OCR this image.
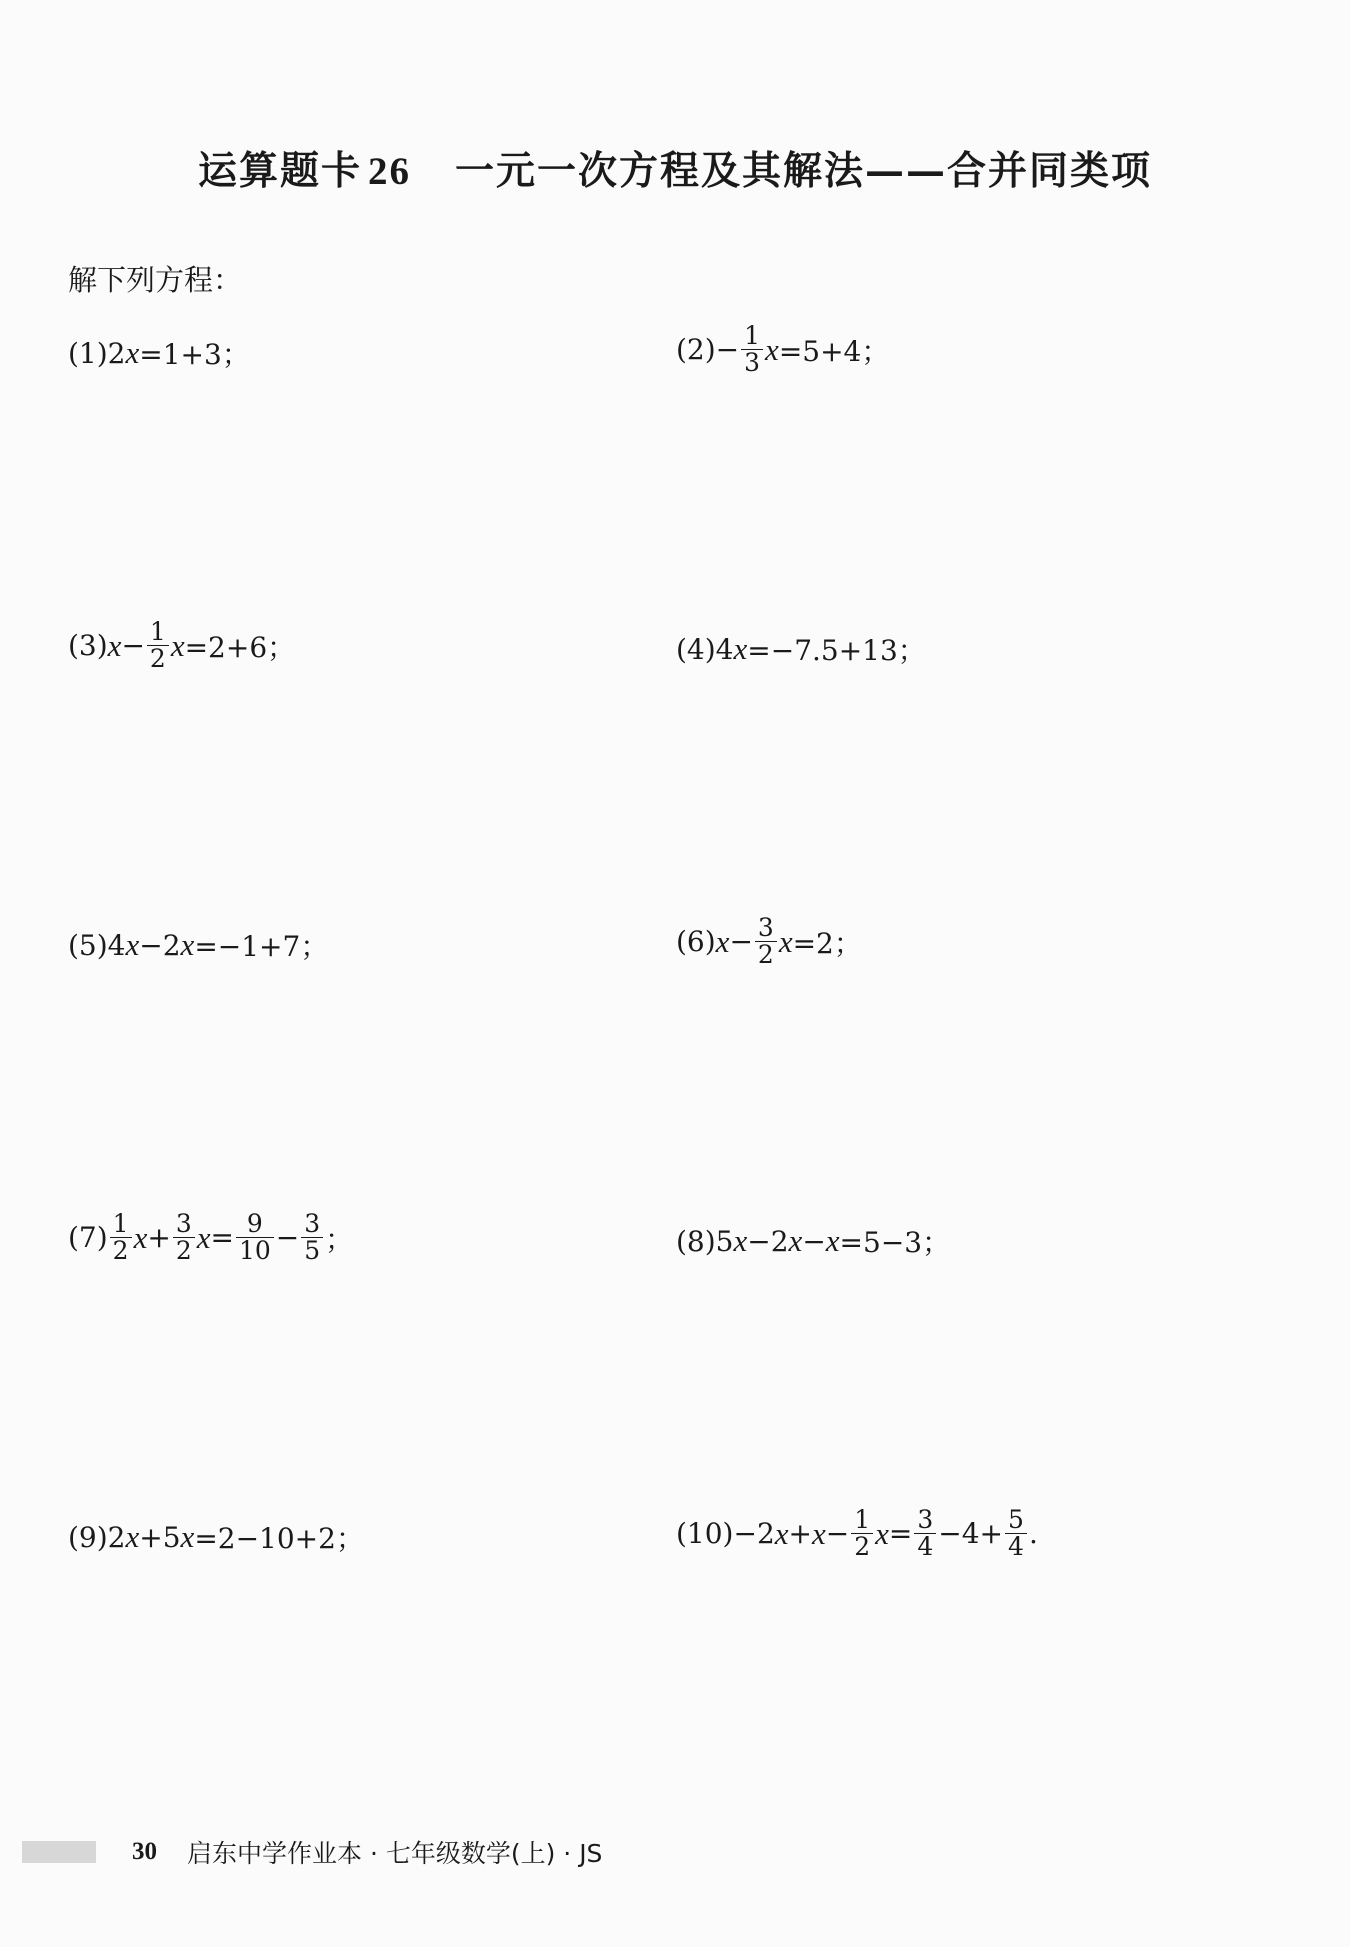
运算题卡 26 一元一次方程及其解法——合并同类项
解下列方程：
(1) 2 x =1+3；	$(2) - \frac{1}{3}$ x =5+4；
(3) $x - \frac{1}{2}$ x =2+6；	(4) 4 x =−7.5+13；
(5) 4 x −2 x =−1+7；	(6) $x - \frac{3}{2}$ x =2；
$(7) \frac{1}{2}$ $x + \frac{3}{2}$ $x = \frac{9}{10} - \frac{3}{5}$ ；	(8) 5 x −2 x − x =5−3；
(9) 2 x +5 x =2−10+2；	(10) −2 $x + x - \frac{1}{2}$ $x = \frac{3}{4} -4+ \frac{5}{4}$ .
30 启东中学作业本 · 七年级数学(上) · JS
